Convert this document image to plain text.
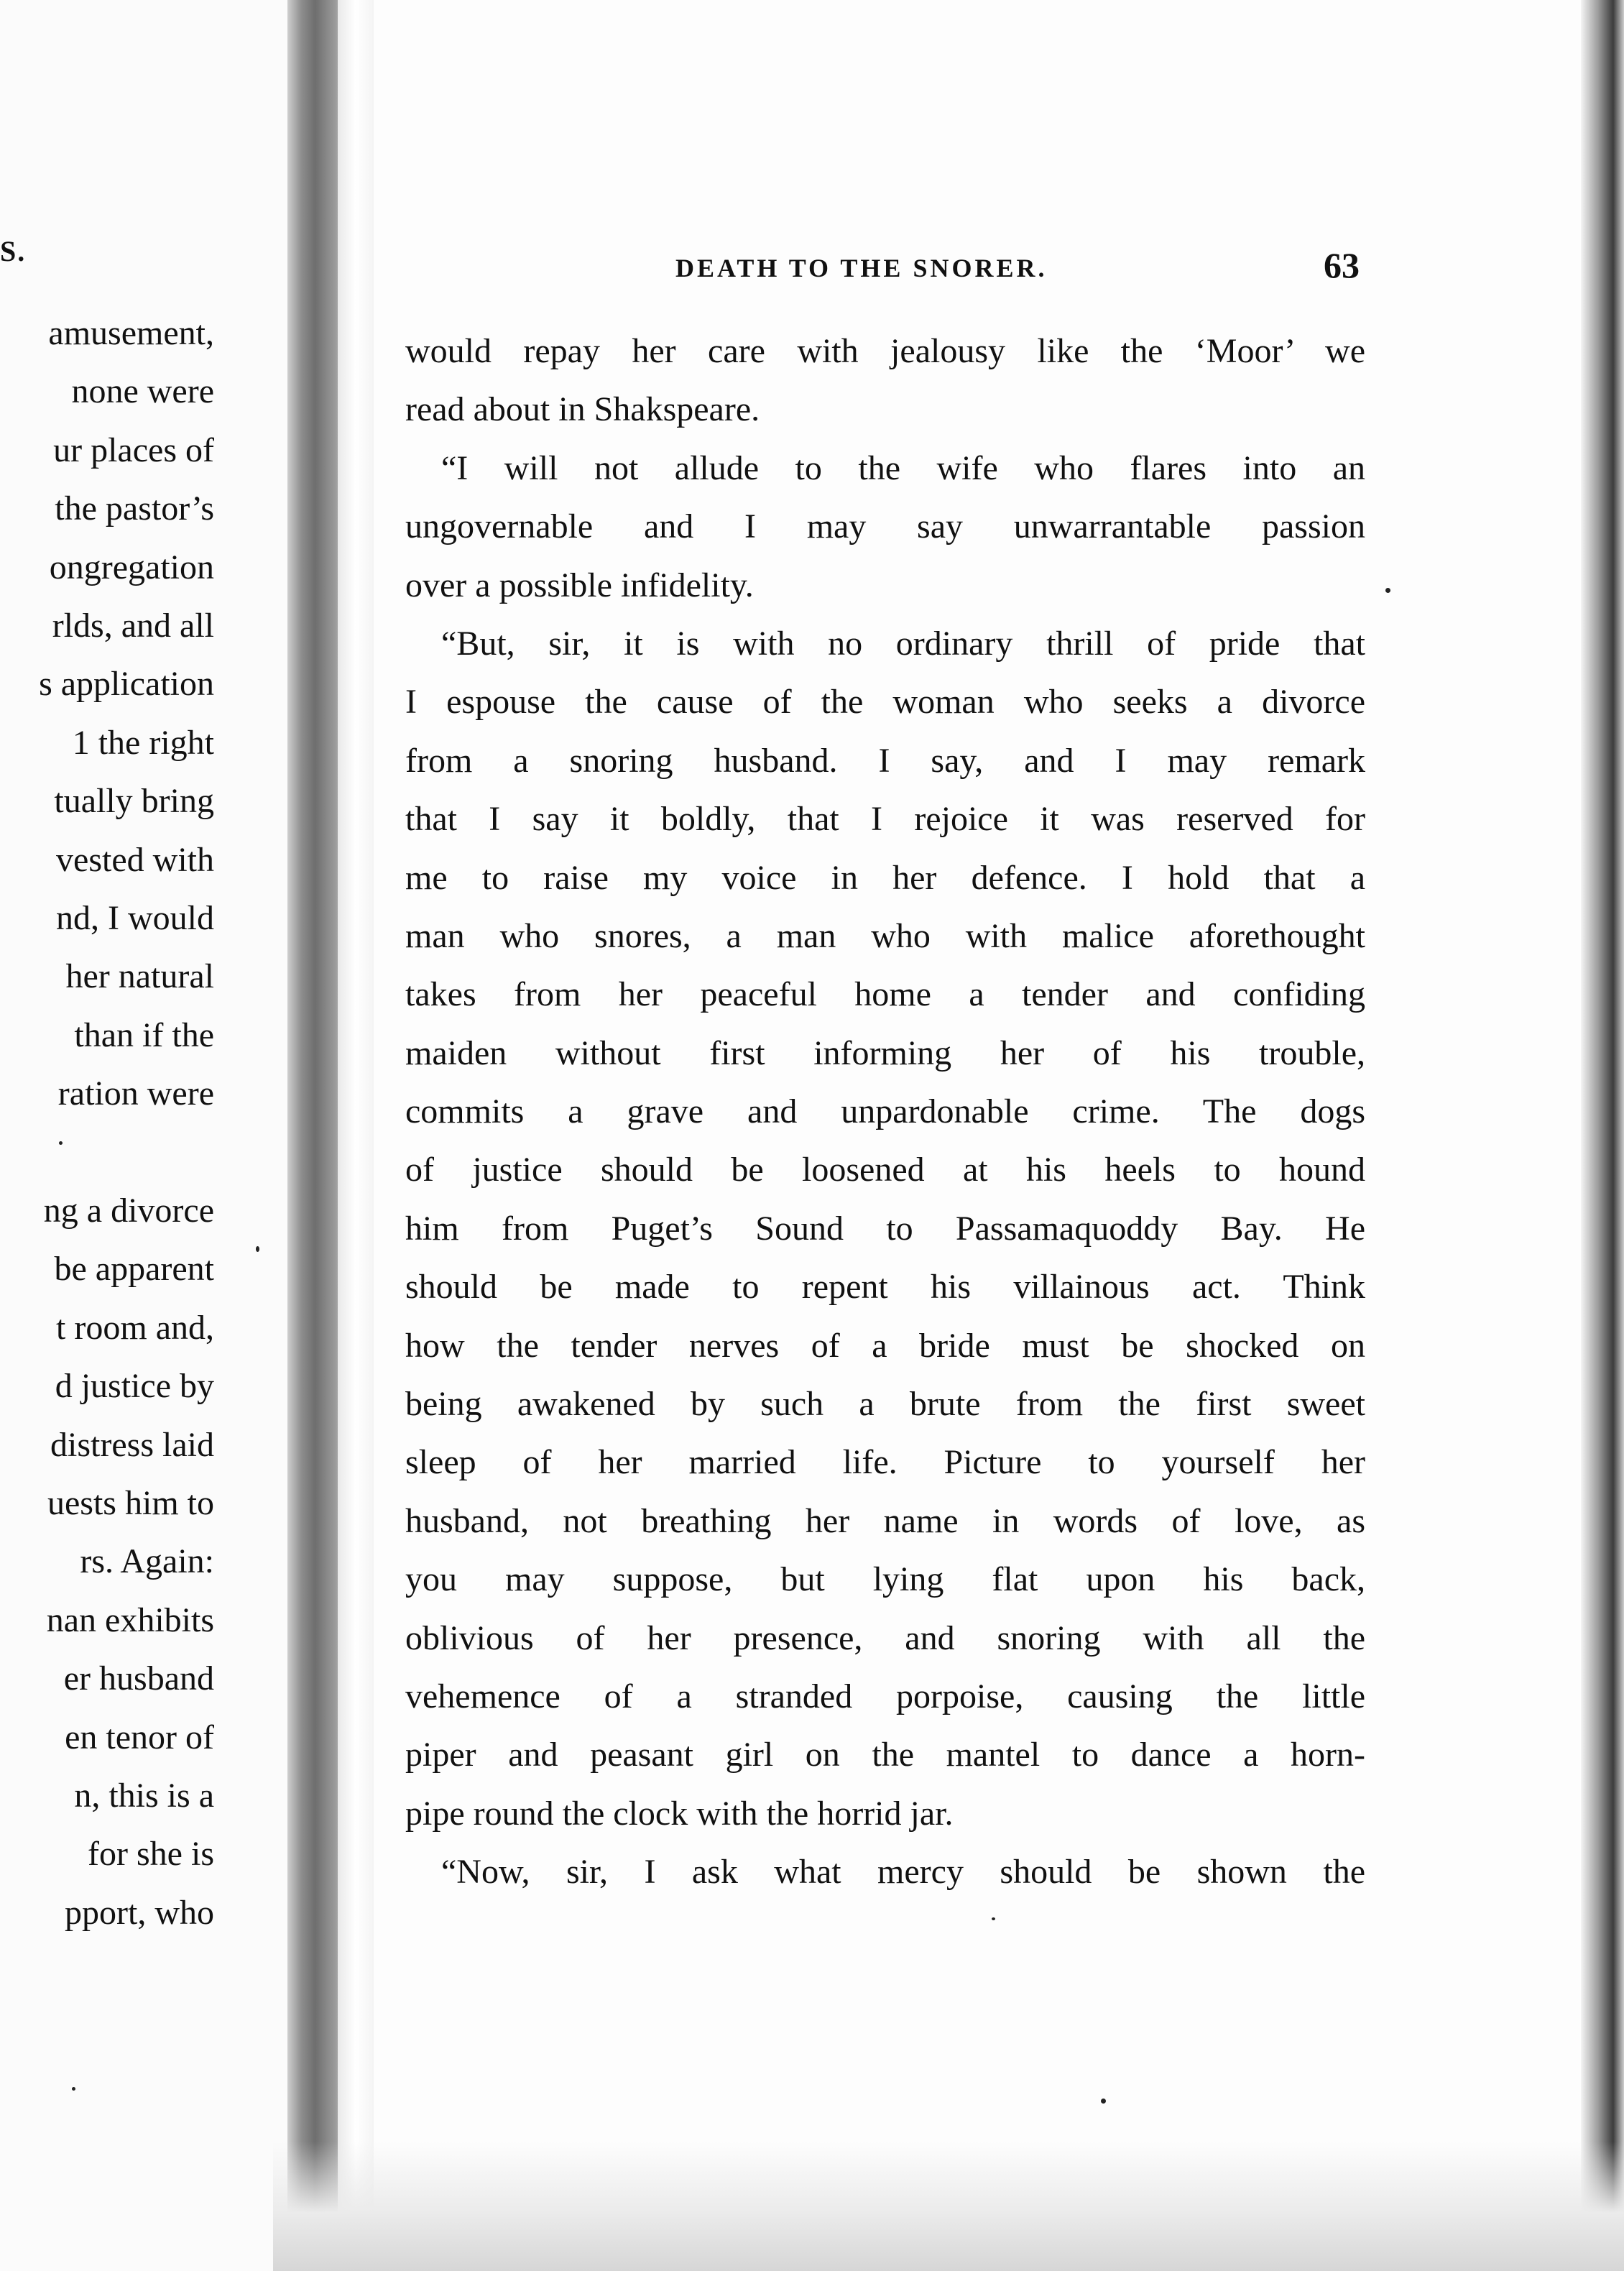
S.
amusement,
none were
ur places of
the pastor’s
ongregation
rlds, and all
s application
1 the right
tually bring
vested with
nd, I would
her natural
than if the
ration were
ng a divorce
be apparent
t room and,
d justice by
distress laid
uests him to
rs. Again:
nan exhibits
er husband
en tenor of
n, this is a
for she is
pport, who
DEATH TO THE SNORER.	63
would repay her care with jealousy like the ‘Moor’ we
read about in Shakspeare.
“I will not allude to the wife who flares into an
ungovernable and I may say unwarrantable passion
over a possible infidelity.
“But, sir, it is with no ordinary thrill of pride that
I espouse the cause of the woman who seeks a divorce
from a snoring husband. I say, and I may remark
that I say it boldly, that I rejoice it was reserved for
me to raise my voice in her defence. I hold that a
man who snores, a man who with malice aforethought
takes from her peaceful home a tender and confiding
maiden without first informing her of his trouble,
commits a grave and unpardonable crime. The dogs
of justice should be loosened at his heels to hound
him from Puget’s Sound to Passamaquoddy Bay. He
should be made to repent his villainous act. Think
how the tender nerves of a bride must be shocked on
being awakened by such a brute from the first sweet
sleep of her married life. Picture to yourself her
husband, not breathing her name in words of love, as
you may suppose, but lying flat upon his back,
oblivious of her presence, and snoring with all the
vehemence of a stranded porpoise, causing the little
piper and peasant girl on the mantel to dance a horn-
pipe round the clock with the horrid jar.
“Now, sir, I ask what mercy should be shown the
